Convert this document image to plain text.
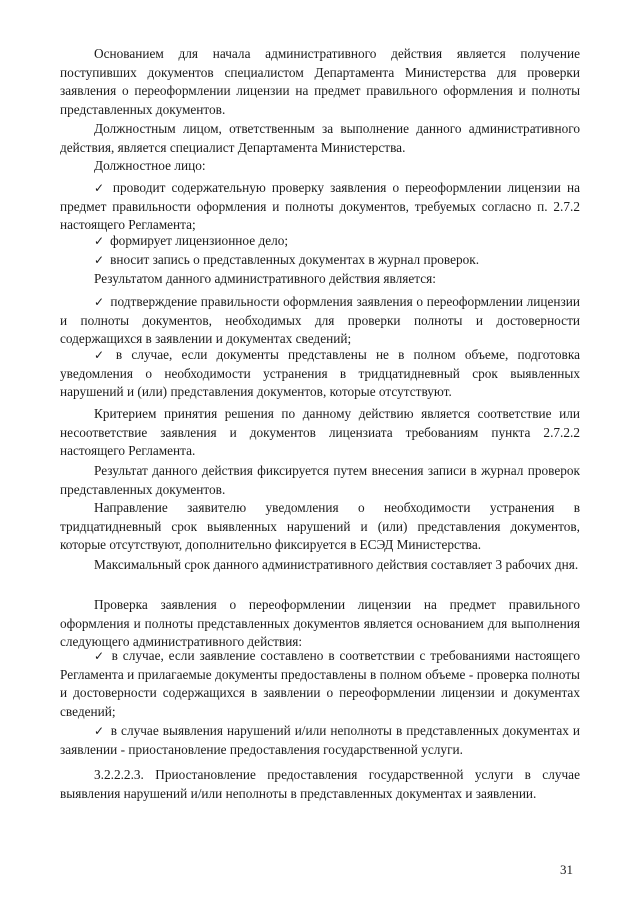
Основанием для начала административного действия является получение поступивших документов специалистом Департамента Министерства для проверки заявления о переоформлении лицензии на предмет правильного оформления и полноты представленных документов.

Должностным лицом, ответственным за выполнение данного административного действия, является специалист Департамента Министерства.

Должностное лицо:

✓ проводит содержательную проверку заявления о переоформлении лицензии на предмет правильности оформления и полноты документов, требуемых согласно п. 2.7.2 настоящего Регламента;

✓ формирует лицензионное дело;

✓ вносит запись о представленных документах в журнал проверок.

Результатом данного административного действия является:

✓ подтверждение правильности оформления заявления о переоформлении лицензии и полноты документов, необходимых для проверки полноты и достоверности содержащихся в заявлении и документах сведений;

✓ в случае, если документы представлены не в полном объеме, подготовка уведомления о необходимости устранения в тридцатидневный срок выявленных нарушений и (или) представления документов, которые отсутствуют.

Критерием принятия решения по данному действию является соответствие или несоответствие заявления и документов лицензиата требованиям пункта 2.7.2.2 настоящего Регламента.

Результат данного действия фиксируется путем внесения записи в журнал проверок представленных документов.

Направление заявителю уведомления о необходимости устранения в тридцатидневный срок выявленных нарушений и (или) представления документов, которые отсутствуют, дополнительно фиксируется в ЕСЭД Министерства.

Максимальный срок данного административного действия составляет 3 рабочих дня.

Проверка заявления о переоформлении лицензии на предмет правильного оформления и полноты представленных документов является основанием для выполнения следующего административного действия:

✓ в случае, если заявление составлено в соответствии с требованиями настоящего Регламента и прилагаемые документы предоставлены в полном объеме - проверка полноты и достоверности содержащихся в заявлении о переоформлении лицензии и документах сведений;

✓ в случае выявления нарушений и/или неполноты в представленных документах и заявлении - приостановление предоставления государственной услуги.

3.2.2.2.3. Приостановление предоставления государственной услуги в случае выявления нарушений и/или неполноты в представленных документах и заявлении.

31
